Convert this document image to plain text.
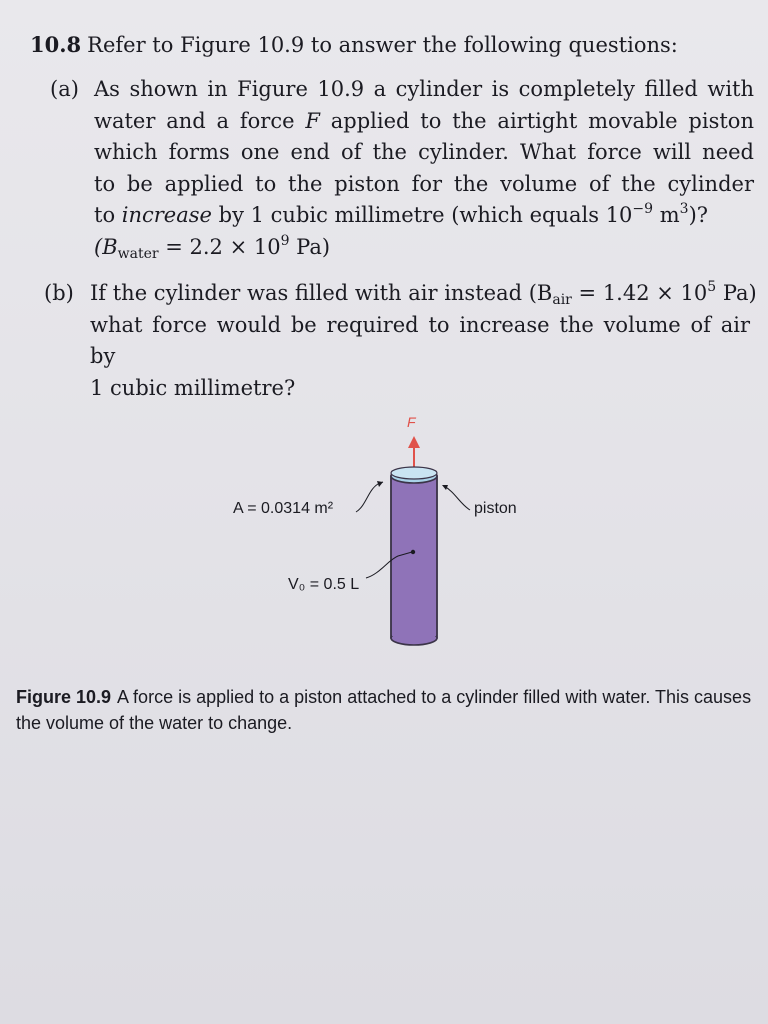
10.8 Refer to Figure 10.9 to answer the following questions:
(a) As shown in Figure 10.9 a cylinder is completely filled with
water and a force F applied to the airtight movable piston
which forms one end of the cylinder. What force will need
to be applied to the piston for the volume of the cylinder
to increase by 1 cubic millimetre (which equals $10^{-9}$ $m^3$)?
($B_{water} = 2.2 \times 10^9$ Pa)
(b) If the cylinder was filled with air instead ($B_{air} = 1.42 \times 10^5$ Pa)
what force would be required to increase the volume of air by
1 cubic millimetre?
F
A = 0.0314 m²	piston
V₀ = 0.5 L
Figure 10.9 A force is applied to a piston attached to a cylinder filled with water. This causes the volume of the water to change.
